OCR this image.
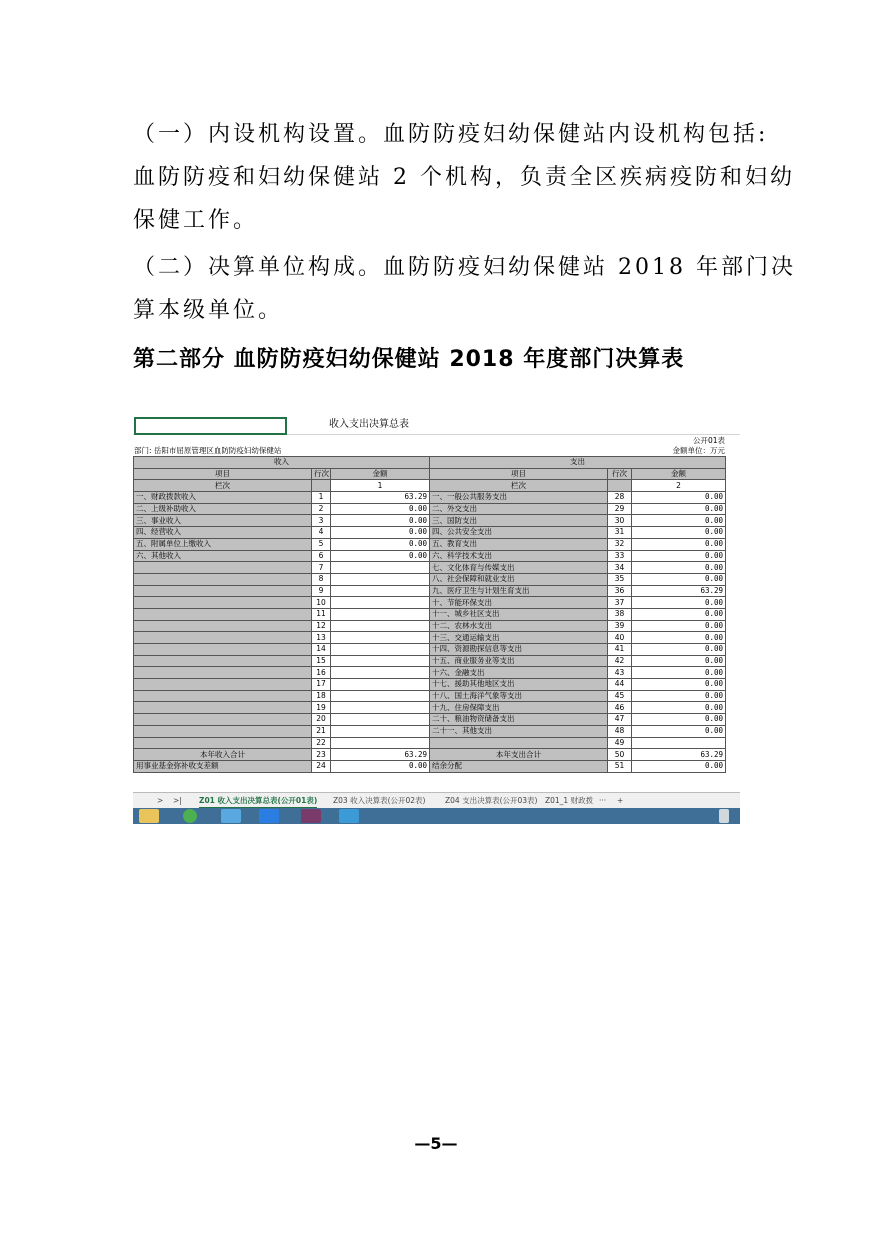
（一）内设机构设置。血防防疫妇幼保健站内设机构包括:
血防防疫和妇幼保健站 2 个机构，负责全区疾病疫防和妇幼
保健工作。
（二）决算单位构成。血防防疫妇幼保健站 2018 年部门决
算本级单位。
第二部分 血防防疫妇幼保健站 2018 年度部门决算表
收入支出决算总表
公开01表
部门: 岳阳市屈原管理区血防防疫妇幼保健站	金额单位：万元
收入			支出		
项目	行次	金额	项目	行次	金额
栏次		1	栏次		2
一、财政拨款收入	1	63.29	一、一般公共服务支出	28	0.00
二、上级补助收入	2	0.00	二、外交支出	29	0.00
三、事业收入	3	0.00	三、国防支出	30	0.00
四、经营收入	4	0.00	四、公共安全支出	31	0.00
五、附属单位上缴收入	5	0.00	五、教育支出	32	0.00
六、其他收入	6	0.00	六、科学技术支出	33	0.00
	7		七、文化体育与传媒支出	34	0.00
	8		八、社会保障和就业支出	35	0.00
	9		九、医疗卫生与计划生育支出	36	63.29
	10		十、节能环保支出	37	0.00
	11		十一、城乡社区支出	38	0.00
	12		十二、农林水支出	39	0.00
	13		十三、交通运输支出	40	0.00
	14		十四、资源勘探信息等支出	41	0.00
	15		十五、商业服务业等支出	42	0.00
	16		十六、金融支出	43	0.00
	17		十七、援助其他地区支出	44	0.00
	18		十八、国土海洋气象等支出	45	0.00
	19		十九、住房保障支出	46	0.00
	20		二十、粮油物资储备支出	47	0.00
	21		二十一、其他支出	48	0.00
	22			49	
本年收入合计	23	63.29	本年支出合计	50	63.29
用事业基金弥补收支差额	24	0.00	结余分配	51	0.00
> >| Z01 收入支出决算总表(公开01表) Z03 收入决算表(公开02表)	Z04 支出决算表(公开03表) Z01_1 财政拨 ··· +
—5—
